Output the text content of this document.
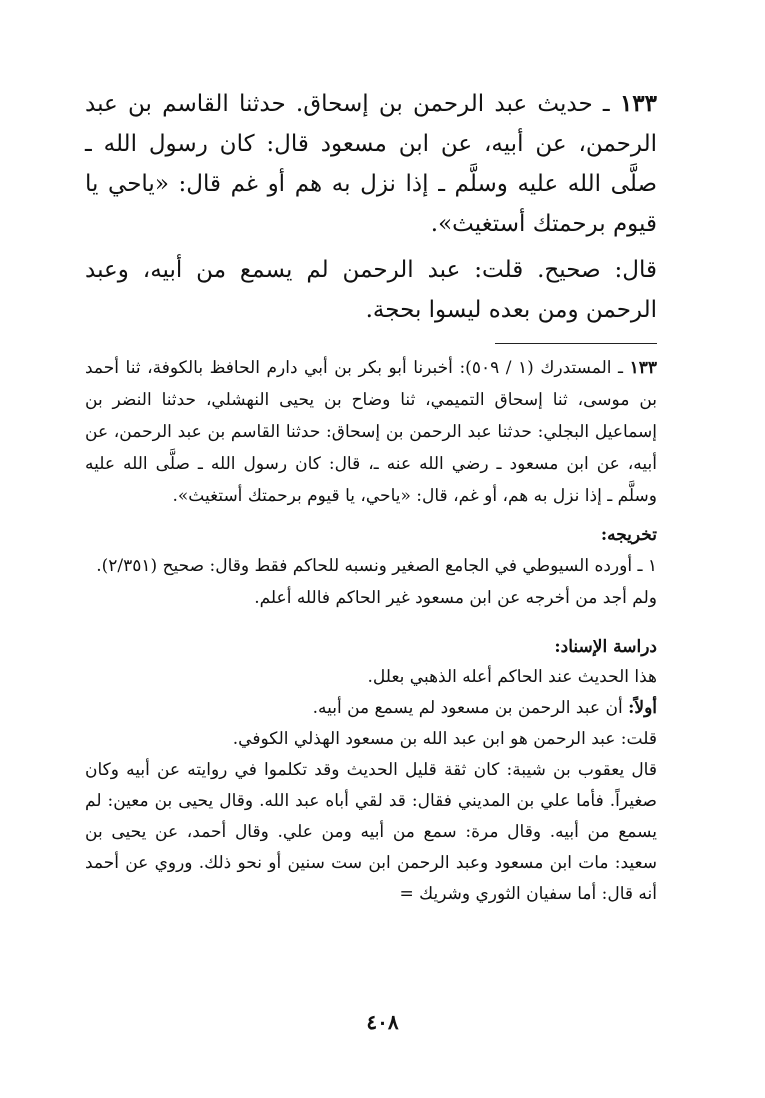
١٣٣ ـ حديث عبد الرحمن بن إسحاق. حدثنا القاسم بن عبد الرحمن، عن أبيه، عن ابن مسعود قال: كان رسول الله ـ صلَّى الله عليه وسلَّم ـ إذا نزل به هم أو غم قال: «ياحي يا قيوم برحمتك أستغيث».

قال: صحيح. قلت: عبد الرحمن لم يسمع من أبيه، وعبد الرحمن ومن بعده ليسوا بحجة.

١٣٣ ـ المستدرك (١ / ٥٠٩): أخبرنا أبو بكر بن أبي دارم الحافظ بالكوفة، ثنا أحمد بن موسى، ثنا إسحاق التميمي، ثنا وضاح بن يحيى النهشلي، حدثنا النضر بن إسماعيل البجلي: حدثنا عبد الرحمن بن إسحاق: حدثنا القاسم بن عبد الرحمن، عن أبيه، عن ابن مسعود ـ رضي الله عنه ـ، قال: كان رسول الله ـ صلَّى الله عليه وسلَّم ـ إذا نزل به هم، أو غم، قال: «ياحي، يا قيوم برحمتك أستغيث».

تخريجه:

١ ـ أورده السيوطي في الجامع الصغير ونسبه للحاكم فقط وقال: صحيح (٢/٣٥١).

ولم أجد من أخرجه عن ابن مسعود غير الحاكم فالله أعلم.

دراسة الإسناد:

هذا الحديث عند الحاكم أعله الذهبي بعلل.

أولاً: أن عبد الرحمن بن مسعود لم يسمع من أبيه.

قلت: عبد الرحمن هو ابن عبد الله بن مسعود الهذلي الكوفي.

قال يعقوب بن شيبة: كان ثقة قليل الحديث وقد تكلموا في روايته عن أبيه وكان صغيراً. فأما علي بن المديني فقال: قد لقي أباه عبد الله. وقال يحيى بن معين: لم يسمع من أبيه. وقال مرة: سمع من أبيه ومن علي. وقال أحمد، عن يحيى بن سعيد: مات ابن مسعود وعبد الرحمن ابن ست سنين أو نحو ذلك. وروي عن أحمد أنه قال: أما سفيان الثوري وشريك =

٤٠٨
